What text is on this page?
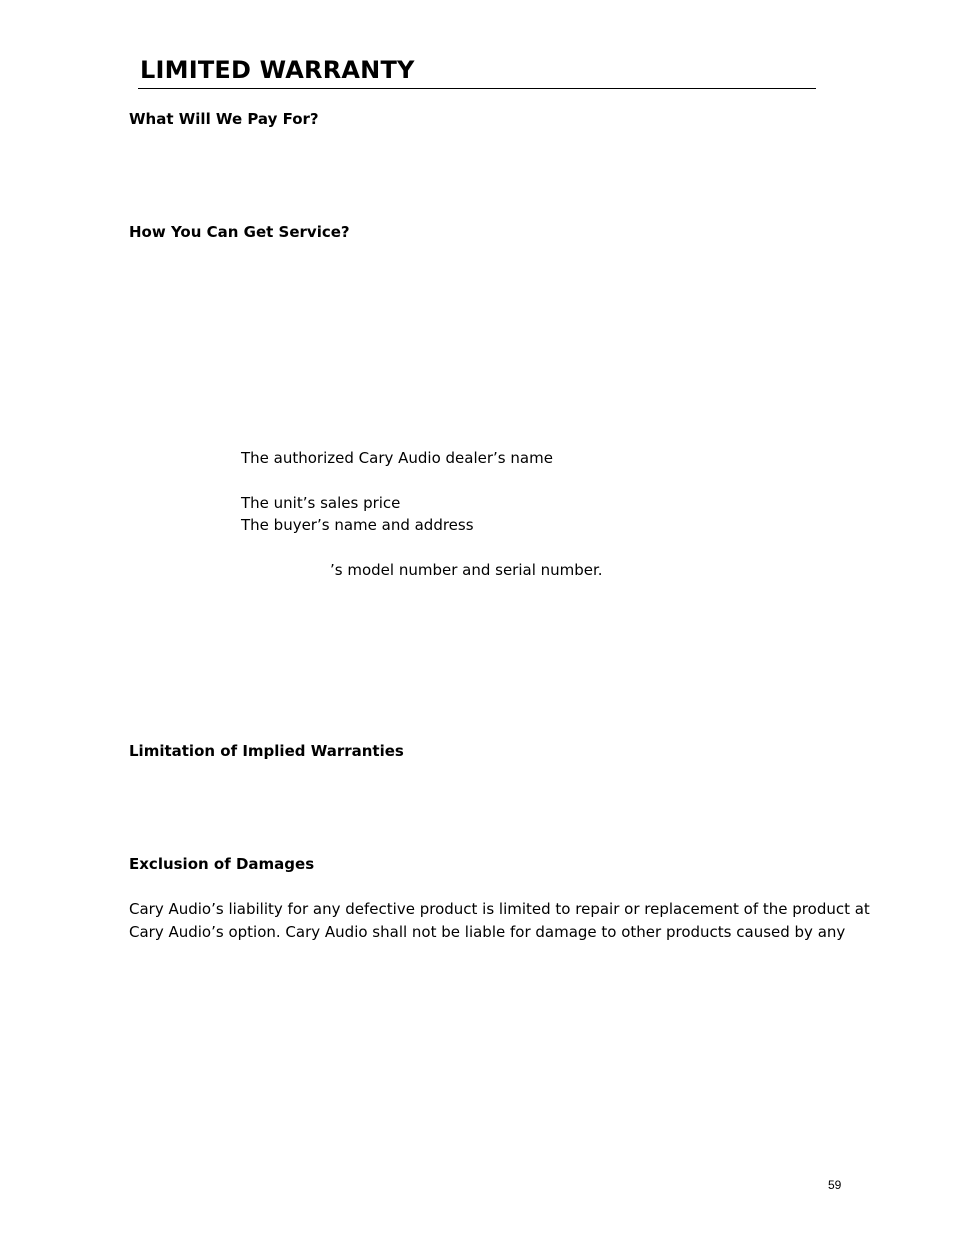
LIMITED WARRANTY
What Will We Pay For?
How You Can Get Service?
The authorized Cary Audio dealer’s name
The unit’s sales price
The buyer’s name and address
’s model number and serial number.
Limitation of Implied Warranties
Exclusion of Damages
Cary Audio’s liability for any defective product is limited to repair or replacement of the product at
Cary Audio’s option. Cary Audio shall not be liable for damage to other products caused by any
59
